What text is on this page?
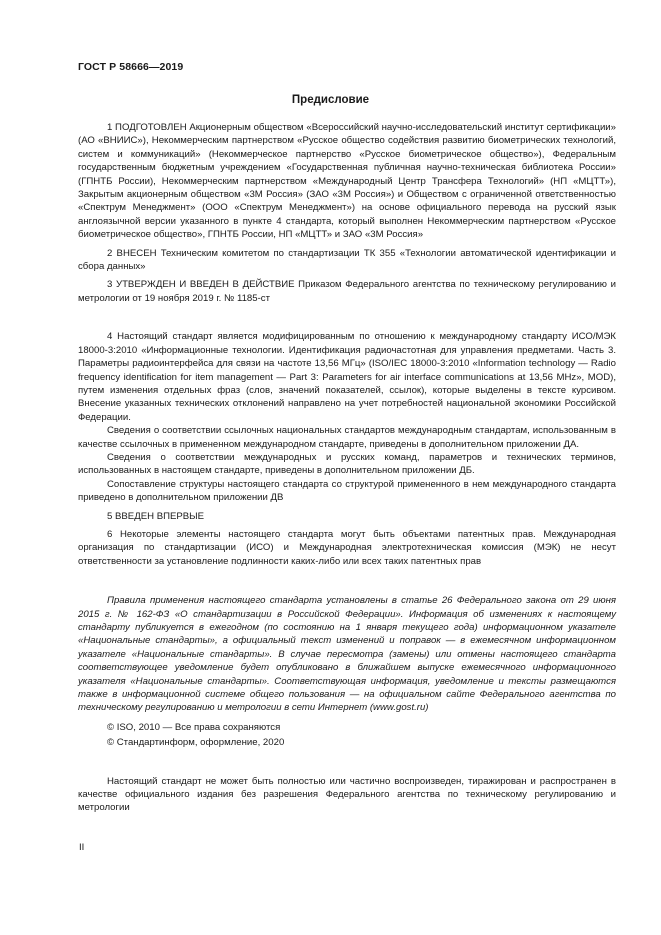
ГОСТ Р 58666—2019
Предисловие

1 ПОДГОТОВЛЕН Акционерным обществом «Всероссийский научно-исследовательский институт сертификации» (АО «ВНИИС»), Некоммерческим партнерством «Русское общество содействия развитию биометрических технологий, систем и коммуникаций» (Некоммерческое партнерство «Русское биометрическое общество»), Федеральным государственным бюджетным учреждением «Государственная публичная научно-техническая библиотека России» (ГПНТБ России), Некоммерческим партнерством «Международный Центр Трансфера Технологий» (НП «МЦТТ»), Закрытым акционерным обществом «3М Россия» (ЗАО «3М Россия») и Обществом с ограниченной ответственностью «Спектрум Менеджмент» (ООО «Спектрум Менеджмент») на основе официального перевода на русский язык англоязычной версии указанного в пункте 4 стандарта, который выполнен Некоммерческим партнерством «Русское биометрическое общество», ГПНТБ России, НП «МЦТТ» и ЗАО «3М Россия»

2 ВНЕСЕН Техническим комитетом по стандартизации ТК 355 «Технологии автоматической идентификации и сбора данных»

3 УТВЕРЖДЕН И ВВЕДЕН В ДЕЙСТВИЕ Приказом Федерального агентства по техническому регулированию и метрологии от 19 ноября 2019 г. № 1185-ст

4 Настоящий стандарт является модифицированным по отношению к международному стандарту ИСО/МЭК 18000-3:2010 «Информационные технологии. Идентификация радиочастотная для управления предметами. Часть 3. Параметры радиоинтерфейса для связи на частоте 13,56 МГц» (ISO/IEC 18000-3:2010 «Information technology — Radio frequency identification for item management — Part 3: Parameters for air interface communications at 13,56 MHz», MOD), путем изменения отдельных фраз (слов, значений показателей, ссылок), которые выделены в тексте курсивом. Внесение указанных технических отклонений направлено на учет потребностей национальной экономики Российской Федерации.

Сведения о соответствии ссылочных национальных стандартов международным стандартам, использованным в качестве ссылочных в примененном международном стандарте, приведены в дополнительном приложении ДА.

Сведения о соответствии международных и русских команд, параметров и технических терминов, использованных в настоящем стандарте, приведены в дополнительном приложении ДБ.

Сопоставление структуры настоящего стандарта со структурой примененного в нем международного стандарта приведено в дополнительном приложении ДВ

5 ВВЕДЕН ВПЕРВЫЕ

6 Некоторые элементы настоящего стандарта могут быть объектами патентных прав. Международная организация по стандартизации (ИСО) и Международная электротехническая комиссия (МЭК) не несут ответственности за установление подлинности каких-либо или всех таких патентных прав

Правила применения настоящего стандарта установлены в статье 26 Федерального закона от 29 июня 2015 г. № 162-ФЗ «О стандартизации в Российской Федерации». Информация об изменениях к настоящему стандарту публикуется в ежегодном (по состоянию на 1 января текущего года) информационном указателе «Национальные стандарты», а официальный текст изменений и поправок — в ежемесячном информационном указателе «Национальные стандарты». В случае пересмотра (замены) или отмены настоящего стандарта соответствующее уведомление будет опубликовано в ближайшем выпуске ежемесячного информационного указателя «Национальные стандарты». Соответствующая информация, уведомление и тексты размещаются также в информационной системе общего пользования — на официальном сайте Федерального агентства по техническому регулированию и метрологии в сети Интернет (www.gost.ru)

© ISO, 2010 — Все права сохраняются

© Стандартинформ, оформление, 2020

Настоящий стандарт не может быть полностью или частично воспроизведен, тиражирован и распространен в качестве официального издания без разрешения Федерального агентства по техническому регулированию и метрологии

II
